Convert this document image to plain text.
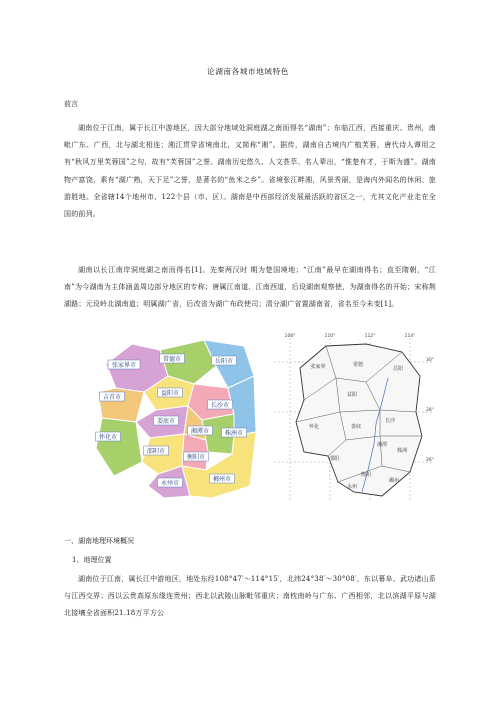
论湖南各城市地域特色
前言
湖南位于江南，属于长江中游地区，因大部分地域处洞庭湖之南而得名“湖南”；东临江西，西接重庆、贵州，南毗广东、广西，北与湖北相连；湘江贯穿省境南北，又简称“湘”。据传，湖南自古境内广植芙蓉，唐代诗人谭用之有“秋风万里芙蓉国”之句，故有“芙蓉国”之誉。湖南历史悠久、人文荟萃、名人辈出，“惟楚有才，于斯为盛”。湖南物产富饶，素有“湖广熟，天下足”之誉，是著名的“鱼米之乡”。省境张江畔湘，风景秀丽，是海内外闻名的休闲、旅游胜地。全省辖14个地州市、122个县（市、区）。湖南是中西部经济发展最活跃的省区之一，尤其文化产业走在全国的前列。
湖南以长江南岸洞庭湖之南而得名[1]。先秦两汉时 期为楚国境地；“江南”最早在湖南得名；直至隋朝，“江南”为今湖南为主体涵盖周边部分地区的专称；唐属江南道、江南西道，后设湖南观察使，为湖南得名的开始；宋称荆湖路；元设岭北湖南道；明属湖广省，后改省为湖广布政使司；清分湖广省置湖南省，省名至今未变[1]。
张家界市
常德市	岳阳市
吉首市
益阳市
长沙市
怀化市
娄底市
湘潭市	株洲市
邵阳市
衡阳市
永州市
郴州市
108°	110°	112°	114°
30°
28°
26°
张家界	常德
岳阳
益阳
长沙
怀化	娄底
湘潭
邵阳
衡阳
株洲
永州
郴州
一、湖南地理环境概况
1、地理位置
湖南位于江南，属长江中游地区，地处东经108°47′～114°15′，北纬24°38′～30°08′，东以幕阜、武功诸山系与江西交界；西以云贵高原东缘连贵州；西北以武陵山脉毗邻重庆；南枕南岭与广东、广西相邻，北以滨湖平原与湖北接壤全省面积21.18万平方公
